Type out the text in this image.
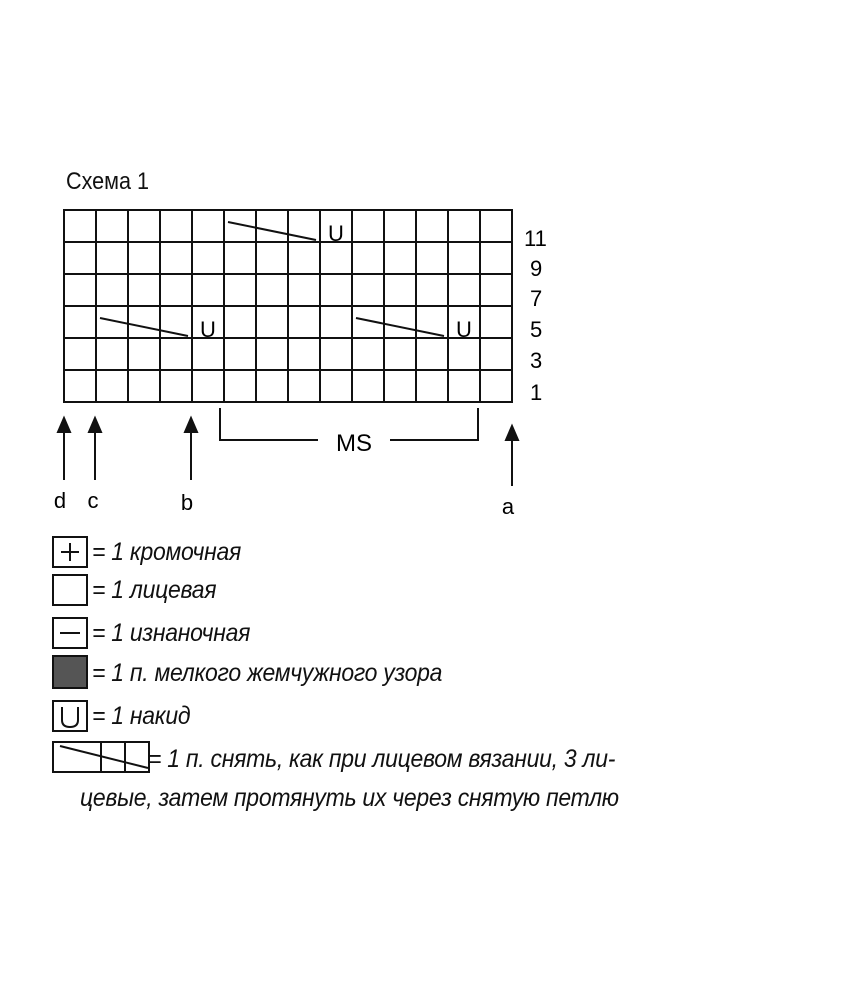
U
U	U
11
9
7
5
3
1
MS
d c	b	a
Схема 1
= 1 кромочная
= 1 лицевая
= 1 изнаночная
= 1 п. мелкого жемчужного узора
= 1 накид
= 1 п. снять, как при лицевом вязании, 3 ли-
цевые, затем протянуть их через снятую петлю
